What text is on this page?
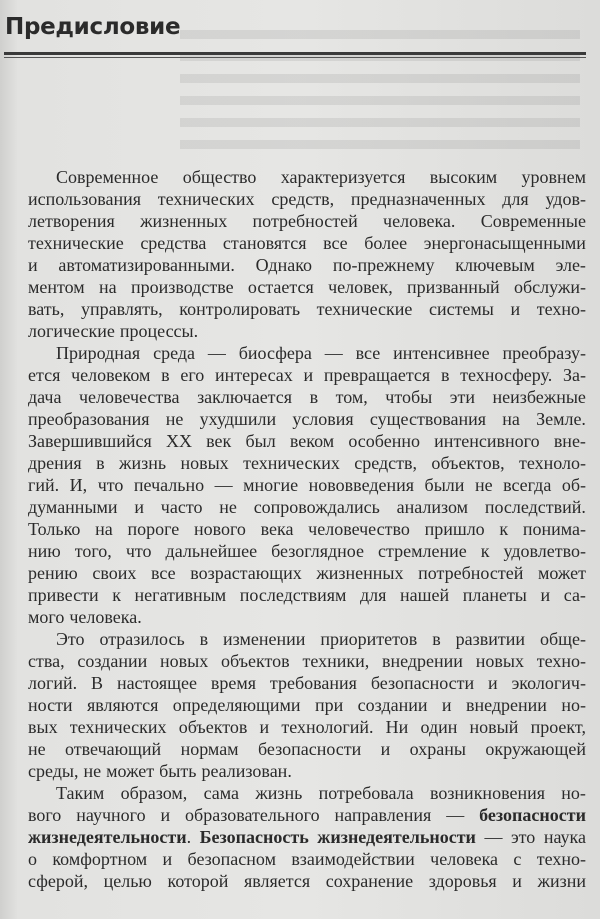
Предисловие
Современное общество характеризуется высоким уровнем
использования технических средств, предназначенных для удов-
летворения жизненных потребностей человека. Современные
технические средства становятся все более энергонасыщенными
и автоматизированными. Однако по-прежнему ключевым эле-
ментом на производстве остается человек, призванный обслужи-
вать, управлять, контролировать технические системы и техно-
логические процессы.
Природная среда — биосфера — все интенсивнее преобразу-
ется человеком в его интересах и превращается в техносферу. За-
дача человечества заключается в том, чтобы эти неизбежные
преобразования не ухудшили условия существования на Земле.
Завершившийся XX век был веком особенно интенсивного вне-
дрения в жизнь новых технических средств, объектов, техноло-
гий. И, что печально — многие нововведения были не всегда об-
думанными и часто не сопровождались анализом последствий.
Только на пороге нового века человечество пришло к понима-
нию того, что дальнейшее безоглядное стремление к удовлетво-
рению своих все возрастающих жизненных потребностей может
привести к негативным последствиям для нашей планеты и са-
мого человека.
Это отразилось в изменении приоритетов в развитии обще-
ства, создании новых объектов техники, внедрении новых техно-
логий. В настоящее время требования безопасности и экологич-
ности являются определяющими при создании и внедрении но-
вых технических объектов и технологий. Ни один новый проект,
не отвечающий нормам безопасности и охраны окружающей
среды, не может быть реализован.
Таким образом, сама жизнь потребовала возникновения но-
вого научного и образовательного направления — безопасности
жизнедеятельности. Безопасность жизнедеятельности — это наука
о комфортном и безопасном взаимодействии человека с техно-
сферой, целью которой является сохранение здоровья и жизни
